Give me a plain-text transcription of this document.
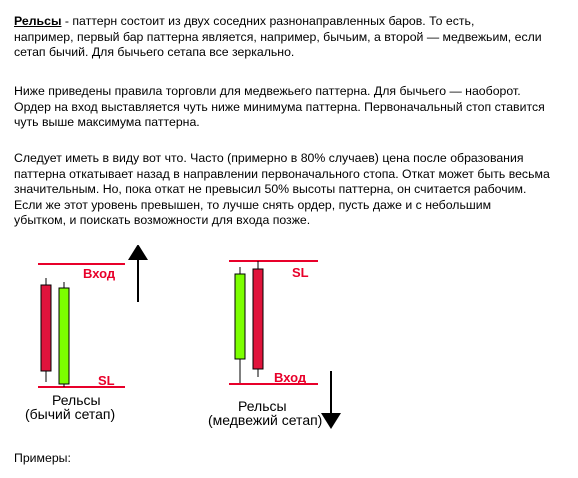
Рельсы - паттерн состоит из двух соседних разнонаправленных баров. То есть,
например, первый бар паттерна является, например, бычьим, а второй — медвежьим, если
сетап бычий. Для бычьего сетапа все зеркально.
Ниже приведены правила торговли для медвежьего паттерна. Для бычьего — наоборот.
Ордер на вход выставляется чуть ниже минимума паттерна. Первоначальный стоп ставится
чуть выше максимума паттерна.
Следует иметь в виду вот что. Часто (примерно в 80% случаев) цена после образования
паттерна откатывает назад в направлении первоначального стопа. Откат может быть весьма
значительным. Но, пока откат не превысил 50% высоты паттерна, он считается рабочим.
Если же этот уровень превышен, то лучше снять ордер, пусть даже и с небольшим
убытком, и поискать возможности для входа позже.
Вход
SL
Рельсы
(бычий сетап)
SL
Вход
Рельсы
(медвежий сетап)
Примеры:
